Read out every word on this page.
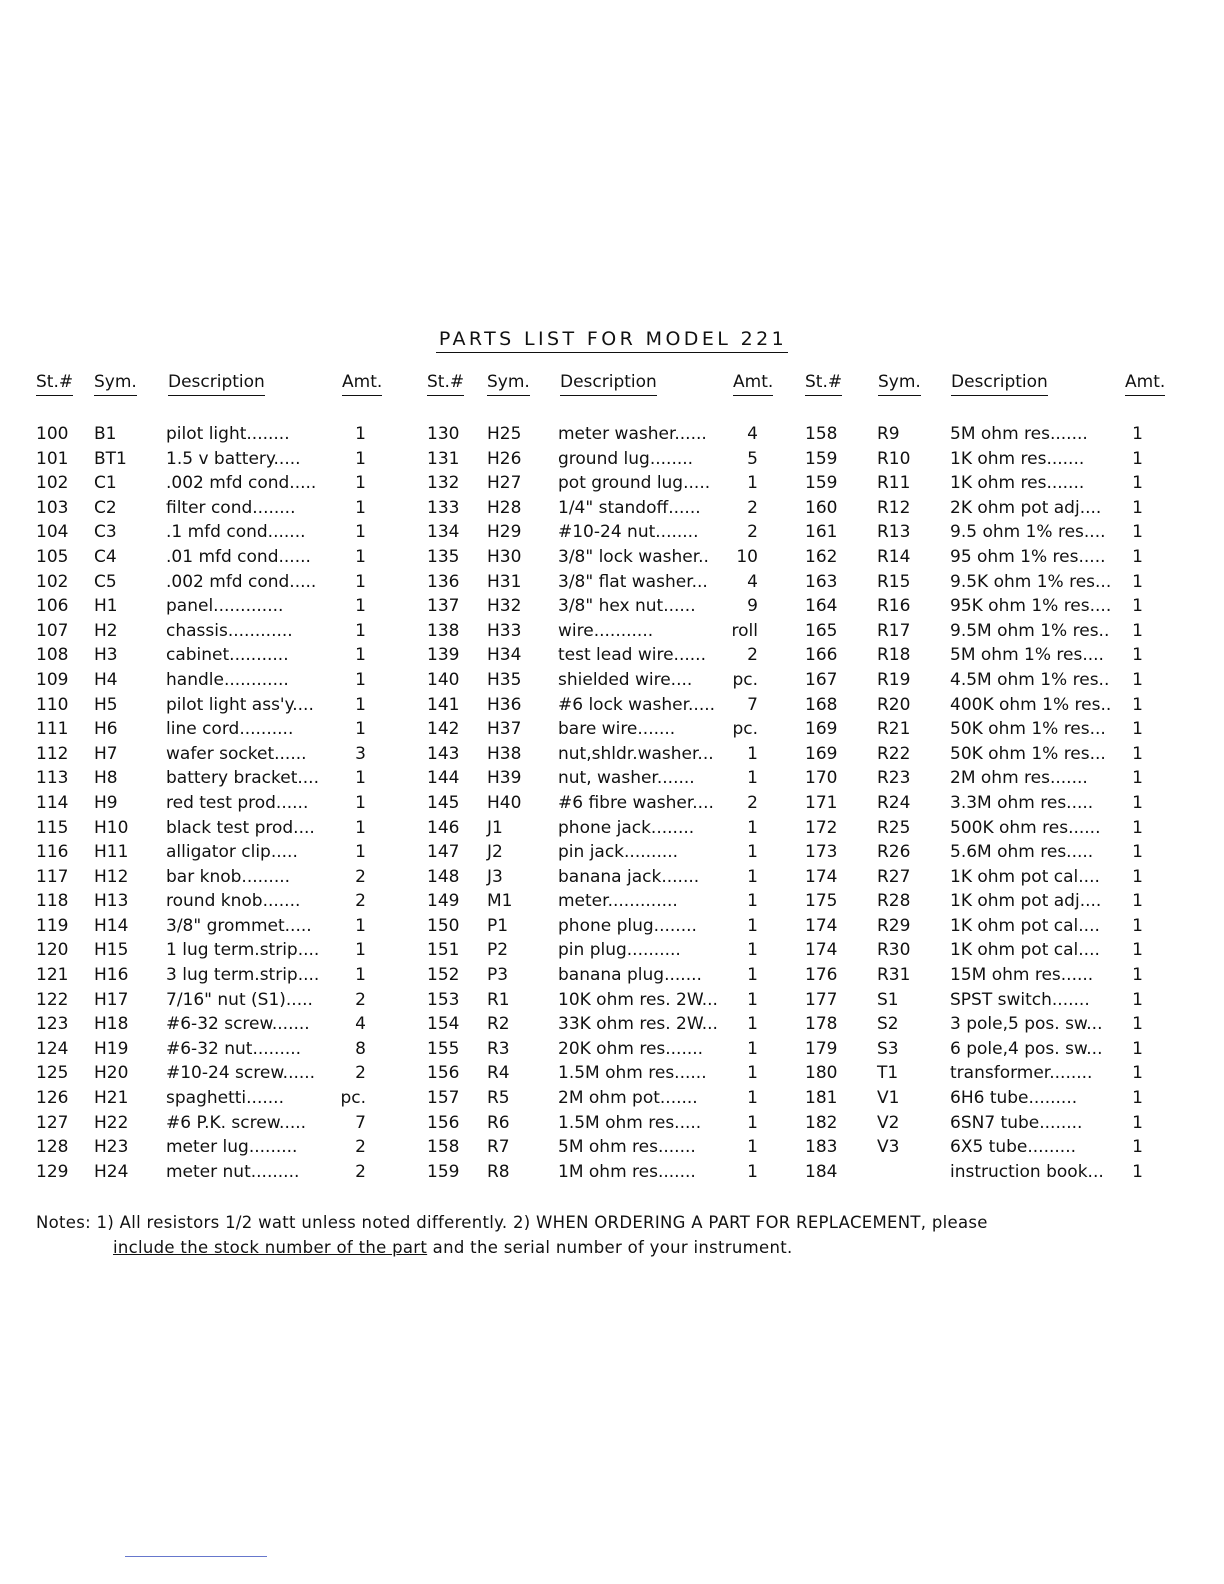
PARTS LIST FOR MODEL 221
St.# Sym. Description	Amt.
100 B1	pilot light........	1
101 BT1 1.5 v battery.....	1
102 C1	.002 mfd cond..... 1
103 C2	filter cond........	1
104 C3	.1 mfd cond.......	1
105 C4	.01 mfd cond......	1
102 C5	.002 mfd cond..... 1
106 H1	panel.............	1
107 H2	chassis............	1
108 H3	cabinet...........	1
109 H4	handle............	1
110 H5	pilot light ass'y.... 1
111 H6	line cord..........	1
112 H7	wafer socket......	3
113 H8	battery bracket.... 1
114 H9	red test prod......	1
115 H10 black test prod.... 1
116 H11 alligator clip.....	1
117 H12 bar knob.........	2
118 H13 round knob.......	2
119 H14 3/8" grommet.....	1
120 H15 1 lug term.strip.... 1
121 H16 3 lug term.strip.... 1
122 H17 7/16" nut (S1)..... 2
123 H18 #6-32 screw.......	4
124 H19 #6-32 nut.........	8
125 H20 #10-24 screw...... 2
126 H21 spaghetti.......	pc.
127 H22 #6 P.K. screw.....	7
128 H23 meter lug.........	2
129 H24 meter nut.........	2
St.# Sym. Description	Amt.
130 H25 meter washer...... 4
131 H26 ground lug........	5
132 H27 pot ground lug..... 1
133 H28 1/4" standoff......	2
134 H29 #10-24 nut........	2
135 H30 3/8" lock washer.. 10
136 H31 3/8" flat washer... 4
137 H32 3/8" hex nut......	9
138 H33 wire...........	roll
139 H34 test lead wire...... 2
140 H35 shielded wire.... pc.
141 H36 #6 lock washer..... 7
142 H37 bare wire.......	pc.
143 H38 nut,shldr.washer... 1
144 H39 nut, washer.......	1
145 H40 #6 fibre washer.... 2
146 J1	phone jack........	1
147 J2	pin jack..........	1
148 J3	banana jack.......	1
149 M1	meter.............	1
150 P1	phone plug........	1
151 P2	pin plug..........	1
152 P3	banana plug.......	1
153 R1	10K ohm res. 2W... 1
154 R2	33K ohm res. 2W... 1
155 R3	20K ohm res.......	1
156 R4	1.5M ohm res...... 1
157 R5	2M ohm pot.......	1
156 R6	1.5M ohm res.....	1
158 R7	5M ohm res.......	1
159 R8	1M ohm res.......	1
St.# Sym. Description	Amt.
158 R9	5M ohm res.......	1
159 R10 1K ohm res.......	1
159 R11 1K ohm res.......	1
160 R12 2K ohm pot adj.... 1
161 R13 9.5 ohm 1% res.... 1
162 R14 95 ohm 1% res..... 1
163 R15 9.5K ohm 1% res... 1
164 R16 95K ohm 1% res.... 1
165 R17 9.5M ohm 1% res.. 1
166 R18 5M ohm 1% res.... 1
167 R19 4.5M ohm 1% res.. 1
168 R20 400K ohm 1% res.. 1
169 R21 50K ohm 1% res... 1
169 R22 50K ohm 1% res... 1
170 R23 2M ohm res.......	1
171 R24 3.3M ohm res..... 1
172 R25 500K ohm res...... 1
173 R26 5.6M ohm res..... 1
174 R27 1K ohm pot cal.... 1
175 R28 1K ohm pot adj.... 1
174 R29 1K ohm pot cal.... 1
174 R30 1K ohm pot cal.... 1
176 R31 15M ohm res...... 1
177 S1	SPST switch....... 1
178 S2	3 pole,5 pos. sw... 1
179 S3	6 pole,4 pos. sw... 1
180 T1	transformer........ 1
181 V1	6H6 tube.........	1
182 V2	6SN7 tube........	1
183 V3	6X5 tube.........	1
184	instruction book... 1
Notes: 1) All resistors 1/2 watt unless noted differently. 2) WHEN ORDERING A PART FOR REPLACEMENT, please
include the stock number of the part and the serial number of your instrument.
